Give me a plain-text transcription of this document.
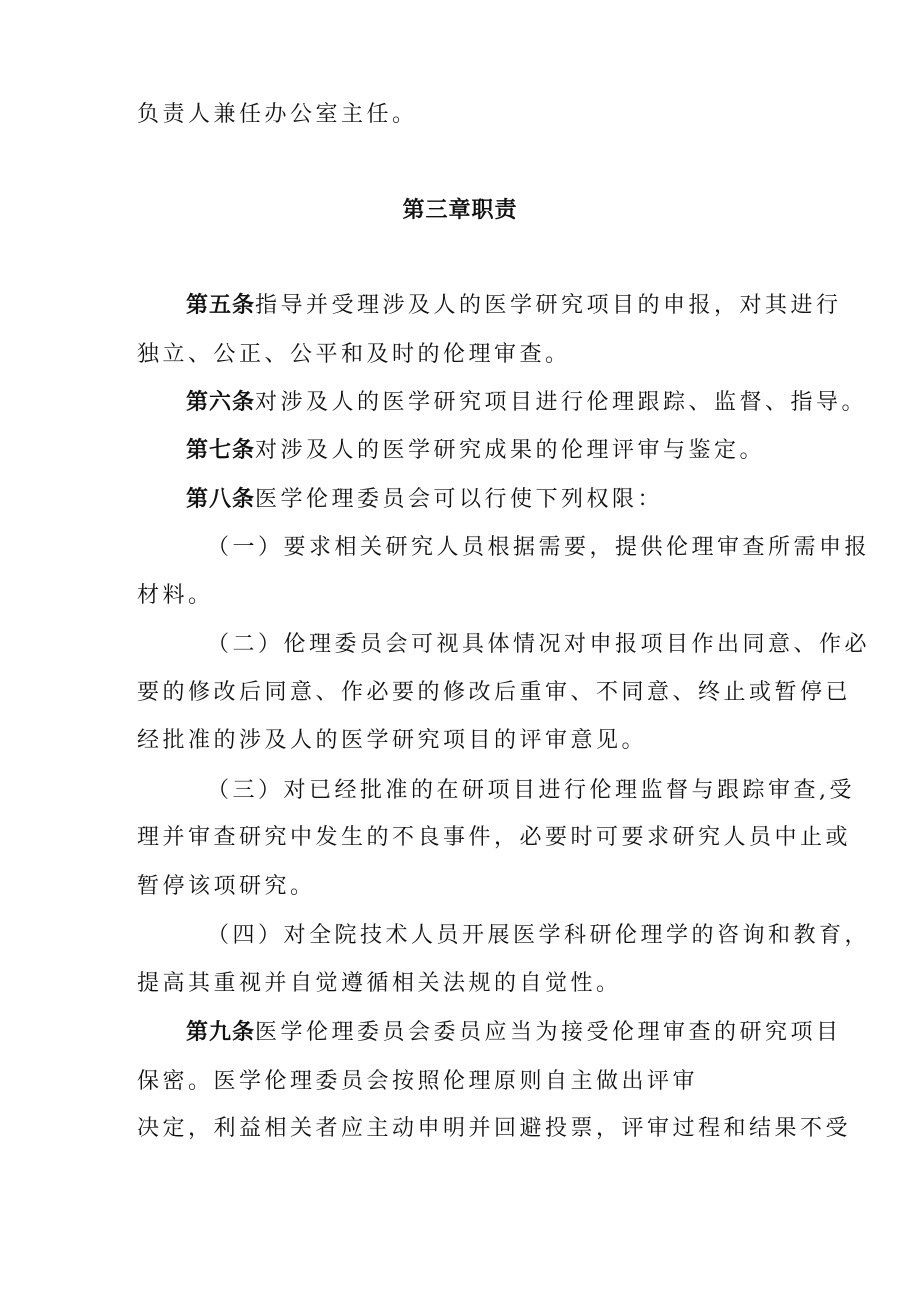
负责人兼任办公室主任。
第三章职责
第五条指导并受理涉及人的医学研究项目的申报，对其进行
独立、公正、公平和及时的伦理审查。
第六条对涉及人的医学研究项目进行伦理跟踪、监督、指导。
第七条对涉及人的医学研究成果的伦理评审与鉴定。
第八条医学伦理委员会可以行使下列权限：
（一）要求相关研究人员根据需要，提供伦理审查所需申报
材料。
（二）伦理委员会可视具体情况对申报项目作出同意、作必
要的修改后同意、作必要的修改后重审、不同意、终止或暂停已
经批准的涉及人的医学研究项目的评审意见。
（三）对已经批准的在研项目进行伦理监督与跟踪审查,受
理并审查研究中发生的不良事件，必要时可要求研究人员中止或
暂停该项研究。
（四）对全院技术人员开展医学科研伦理学的咨询和教育，
提高其重视并自觉遵循相关法规的自觉性。
第九条医学伦理委员会委员应当为接受伦理审查的研究项目
保密。医学伦理委员会按照伦理原则自主做出评审
决定，利益相关者应主动申明并回避投票，评审过程和结果不受
